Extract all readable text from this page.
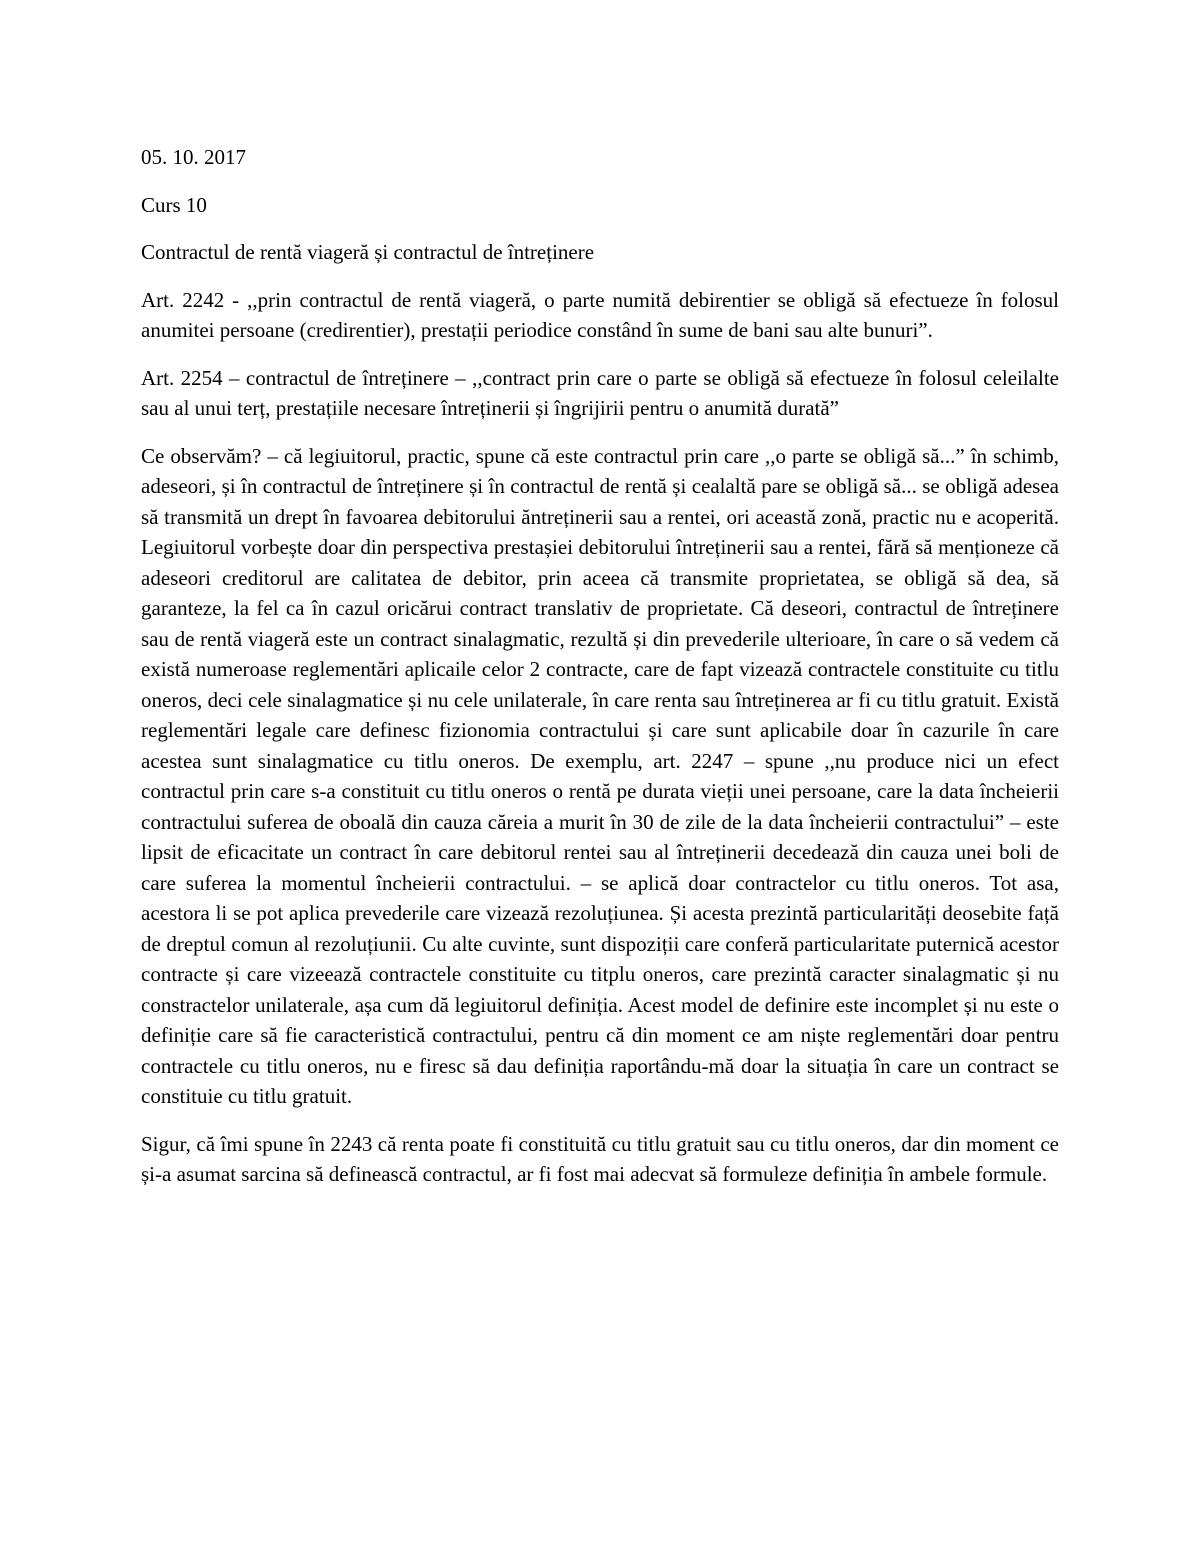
05. 10. 2017

Curs 10

Contractul de rentă viageră și contractul de întreținere

Art. 2242 - ,,prin contractul de rentă viageră, o parte numită debirentier se obligă să efectueze în folosul anumitei persoane (credirentier), prestații periodice constând în sume de bani sau alte bunuri”.

Art. 2254 – contractul de întreținere – ,,contract prin care o parte se obligă să efectueze în folosul celeilalte sau al unui terț, prestațiile necesare întreținerii și îngrijirii pentru o anumită durată”

Ce observăm? – că legiuitorul, practic, spune că este contractul prin care ,,o parte se obligă să...” în schimb, adeseori, și în contractul de întreținere și în contractul de rentă și cealaltă pare se obligă să... se obligă adesea să transmită un drept în favoarea debitorului ăntreținerii sau a rentei, ori această zonă, practic nu e acoperită. Legiuitorul vorbește doar din perspectiva prestașiei debitorului întreținerii sau a rentei, fără să menționeze că adeseori creditorul are calitatea de debitor, prin aceea că transmite proprietatea, se obligă să dea, să garanteze, la fel ca în cazul oricărui contract translativ de proprietate. Că deseori, contractul de întreținere sau de rentă viageră este un contract sinalagmatic, rezultă și din prevederile ulterioare, în care o să vedem că există numeroase reglementări aplicaile celor 2 contracte, care de fapt vizează contractele constituite cu titlu oneros, deci cele sinalagmatice și nu cele unilaterale, în care renta sau întreținerea ar fi cu titlu gratuit. Există reglementări legale care definesc fizionomia contractului și care sunt aplicabile doar în cazurile în care acestea sunt sinalagmatice cu titlu oneros. De exemplu, art. 2247 – spune ,,nu produce nici un efect contractul prin care s-a constituit cu titlu oneros o rentă pe durata vieții unei persoane, care la data încheierii contractului suferea de oboală din cauza căreia a murit în 30 de zile de la data încheierii contractului” – este lipsit de eficacitate un contract în care debitorul rentei sau al întreținerii decedează din cauza unei boli de care suferea la momentul încheierii contractului. – se aplică doar contractelor cu titlu oneros. Tot asa, acestora li se pot aplica prevederile care vizează rezoluțiunea. Și acesta prezintă particularități deosebite față de dreptul comun al rezoluțiunii. Cu alte cuvinte, sunt dispoziții care conferă particularitate puternică acestor contracte și care vizeează contractele constituite cu titplu oneros, care prezintă caracter sinalagmatic și nu constractelor unilaterale, așa cum dă legiuitorul definiția. Acest model de definire este incomplet și nu este o definiție care să fie caracteristică contractului, pentru că din moment ce am niște reglementări doar pentru contractele cu titlu oneros, nu e firesc să dau definiția raportându-mă doar la situația în care un contract se constituie cu titlu gratuit.

Sigur, că îmi spune în 2243 că renta poate fi constituită cu titlu gratuit sau cu titlu oneros, dar din moment ce și-a asumat sarcina să definească contractul, ar fi fost mai adecvat să formuleze definiția în ambele formule.
